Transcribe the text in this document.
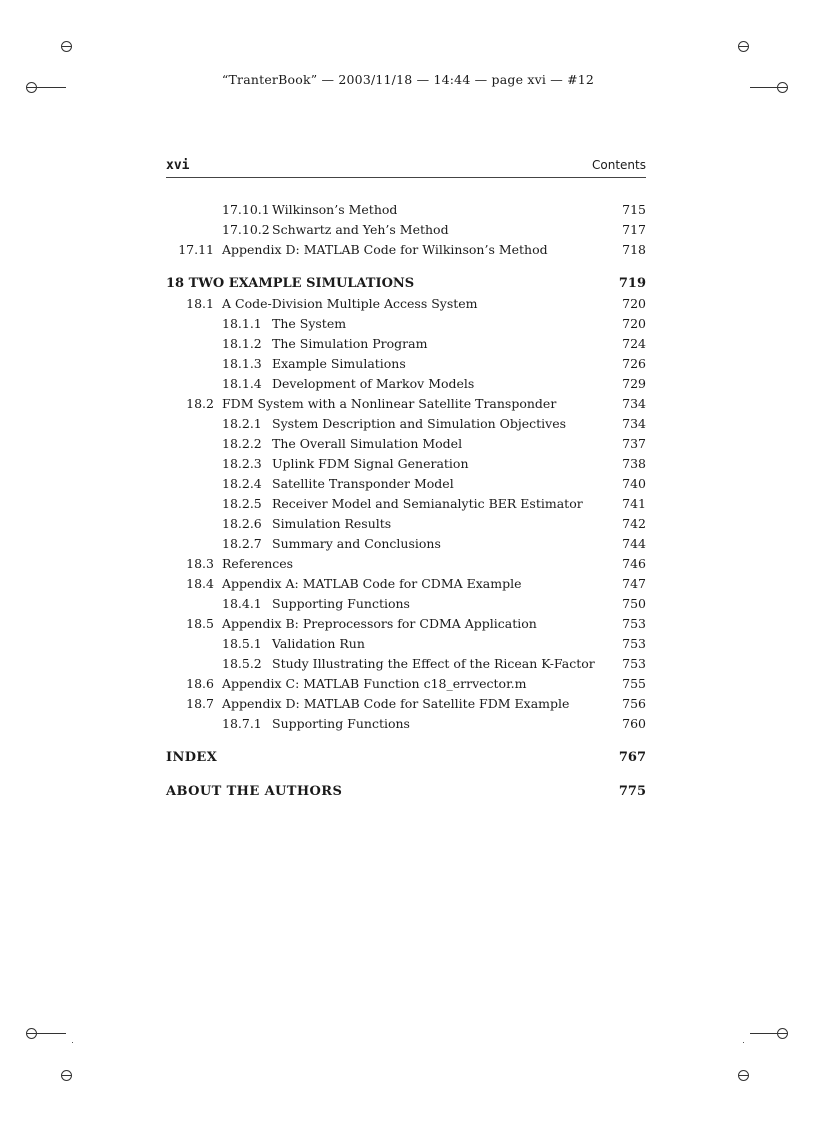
“TranterBook” — 2003/11/18 — 14:44 — page xvi — #12
xvi	Contents
17.10.1 Wilkinson’s Method	715
17.10.2 Schwartz and Yeh’s Method	717
17.11 Appendix D: MATLAB Code for Wilkinson’s Method	718
18 TWO EXAMPLE SIMULATIONS	719
18.1 A Code-Division Multiple Access System	720
18.1.1 The System	720
18.1.2 The Simulation Program	724
18.1.3 Example Simulations	726
18.1.4 Development of Markov Models	729
18.2 FDM System with a Nonlinear Satellite Transponder	734
18.2.1 System Description and Simulation Objectives	734
18.2.2 The Overall Simulation Model	737
18.2.3 Uplink FDM Signal Generation	738
18.2.4 Satellite Transponder Model	740
18.2.5 Receiver Model and Semianalytic BER Estimator	741
18.2.6 Simulation Results	742
18.2.7 Summary and Conclusions	744
18.3 References	746
18.4 Appendix A: MATLAB Code for CDMA Example	747
18.4.1 Supporting Functions	750
18.5 Appendix B: Preprocessors for CDMA Application	753
18.5.1 Validation Run	753
18.5.2 Study Illustrating the Effect of the Ricean K-Factor 753
18.6 Appendix C: MATLAB Function c18_errvector.m	755
18.7 Appendix D: MATLAB Code for Satellite FDM Example	756
18.7.1 Supporting Functions	760
INDEX	767
ABOUT THE AUTHORS	775
